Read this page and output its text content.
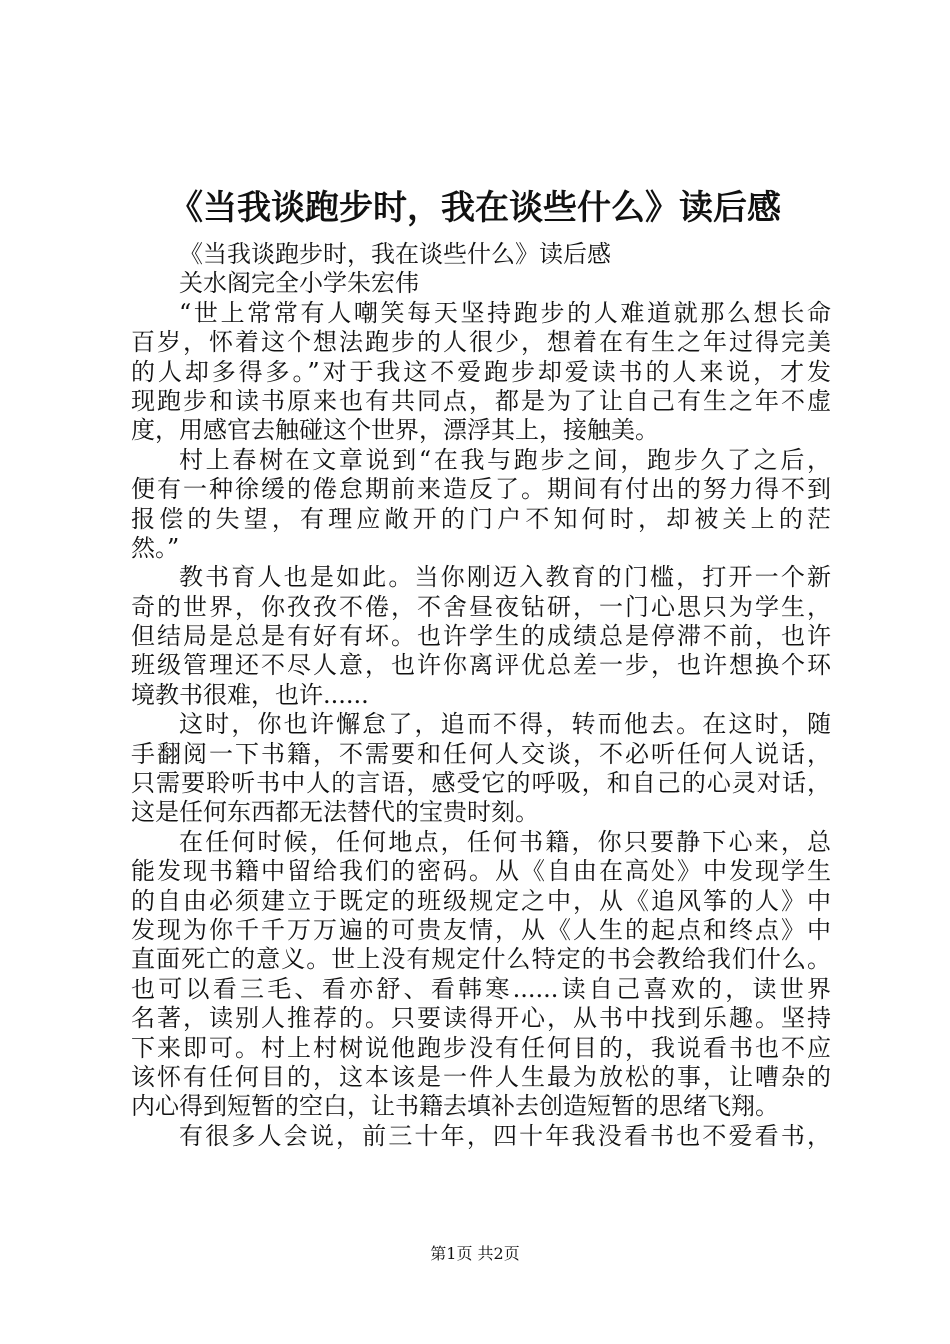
《当我谈跑步时，我在谈些什么》读后感

《当我谈跑步时，我在谈些什么》读后感

关水阁完全小学朱宏伟

“世上常常有人嘲笑每天坚持跑步的人难道就那么想长命

百岁，怀着这个想法跑步的人很少，想着在有生之年过得完美

的人却多得多。”对于我这不爱跑步却爱读书的人来说，才发

现跑步和读书原来也有共同点，都是为了让自己有生之年不虚

度，用感官去触碰这个世界，漂浮其上，接触美。

村上春树在文章说到“在我与跑步之间，跑步久了之后，

便有一种徐缓的倦怠期前来造反了。期间有付出的努力得不到

报偿的失望，有理应敞开的门户不知何时，却被关上的茫

然。”

教书育人也是如此。当你刚迈入教育的门槛，打开一个新

奇的世界，你孜孜不倦，不舍昼夜钻研，一门心思只为学生，

但结局是总是有好有坏。也许学生的成绩总是停滞不前，也许

班级管理还不尽人意，也许你离评优总差一步，也许想换个环

境教书很难，也许......

这时，你也许懈怠了，追而不得，转而他去。在这时，随

手翻阅一下书籍，不需要和任何人交谈，不必听任何人说话，

只需要聆听书中人的言语，感受它的呼吸，和自己的心灵对话，

这是任何东西都无法替代的宝贵时刻。

在任何时候，任何地点，任何书籍，你只要静下心来，总

能发现书籍中留给我们的密码。从《自由在高处》中发现学生

的自由必须建立于既定的班级规定之中，从《追风筝的人》中

发现为你千千万万遍的可贵友情，从《人生的起点和终点》中

直面死亡的意义。世上没有规定什么特定的书会教给我们什么。

也可以看三毛、看亦舒、看韩寒......读自己喜欢的，读世界

名著，读别人推荐的。只要读得开心，从书中找到乐趣。坚持

下来即可。村上村树说他跑步没有任何目的，我说看书也不应

该怀有任何目的，这本该是一件人生最为放松的事，让嘈杂的

内心得到短暂的空白，让书籍去填补去创造短暂的思绪飞翔。

有很多人会说，前三十年，四十年我没看书也不爱看书，

第1页 共2页
